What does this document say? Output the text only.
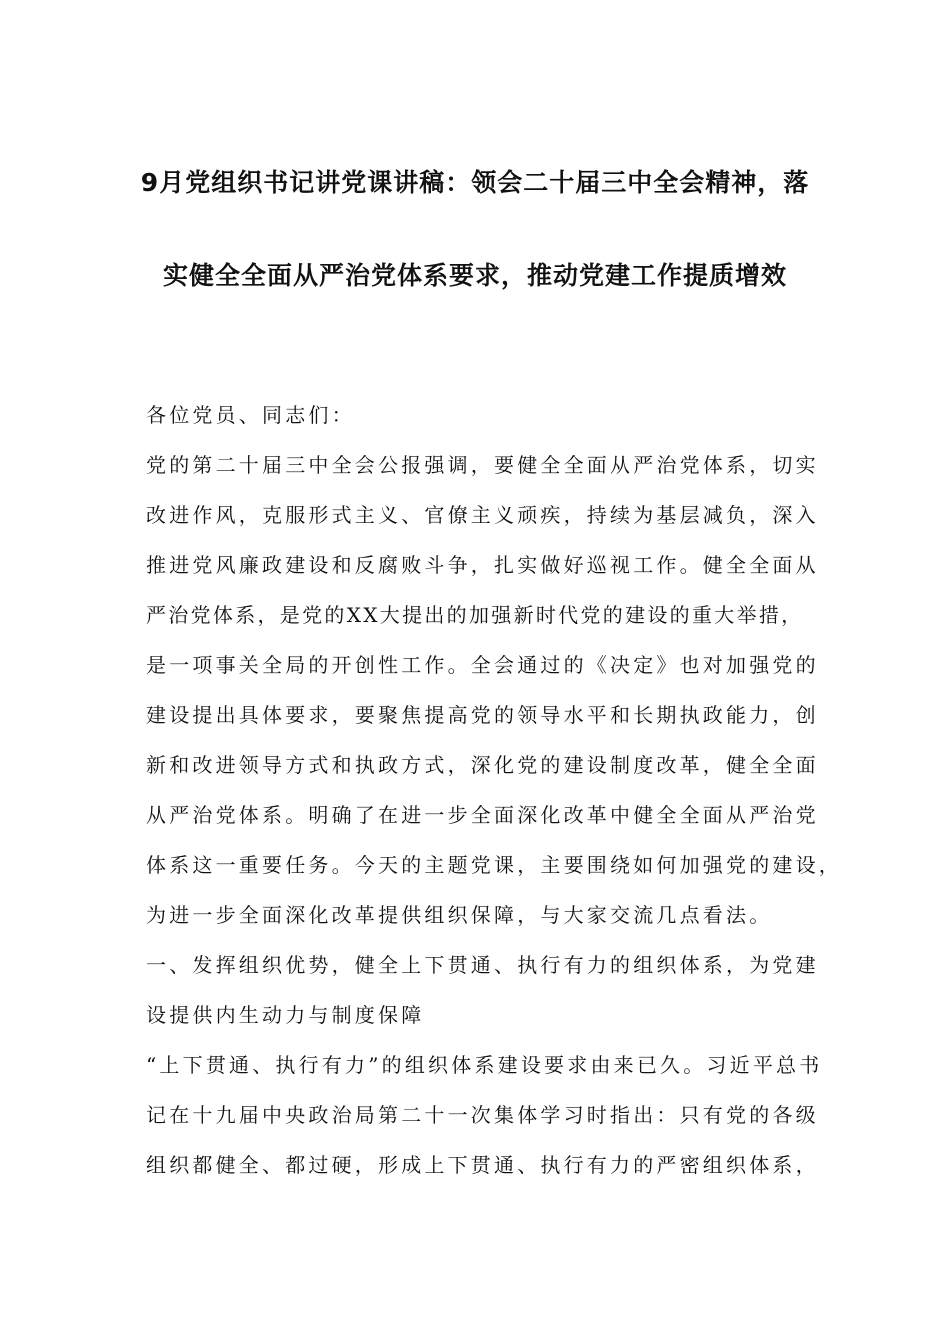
9月党组织书记讲党课讲稿：领会二十届三中全会精神，落
实健全全面从严治党体系要求，推动党建工作提质增效
各位党员、同志们：
党的第二十届三中全会公报强调，要健全全面从严治党体系，切实
改进作风，克服形式主义、官僚主义顽疾，持续为基层减负，深入
推进党风廉政建设和反腐败斗争，扎实做好巡视工作。健全全面从
严治党体系，是党的XX大提出的加强新时代党的建设的重大举措，
是一项事关全局的开创性工作。全会通过的《决定》也对加强党的
建设提出具体要求，要聚焦提高党的领导水平和长期执政能力，创
新和改进领导方式和执政方式，深化党的建设制度改革，健全全面
从严治党体系。明确了在进一步全面深化改革中健全全面从严治党
体系这一重要任务。今天的主题党课，主要围绕如何加强党的建设，
为进一步全面深化改革提供组织保障，与大家交流几点看法。
一、发挥组织优势，健全上下贯通、执行有力的组织体系，为党建
设提供内生动力与制度保障
“上下贯通、执行有力”的组织体系建设要求由来已久。习近平总书
记在十九届中央政治局第二十一次集体学习时指出：只有党的各级
组织都健全、都过硬，形成上下贯通、执行有力的严密组织体系，
